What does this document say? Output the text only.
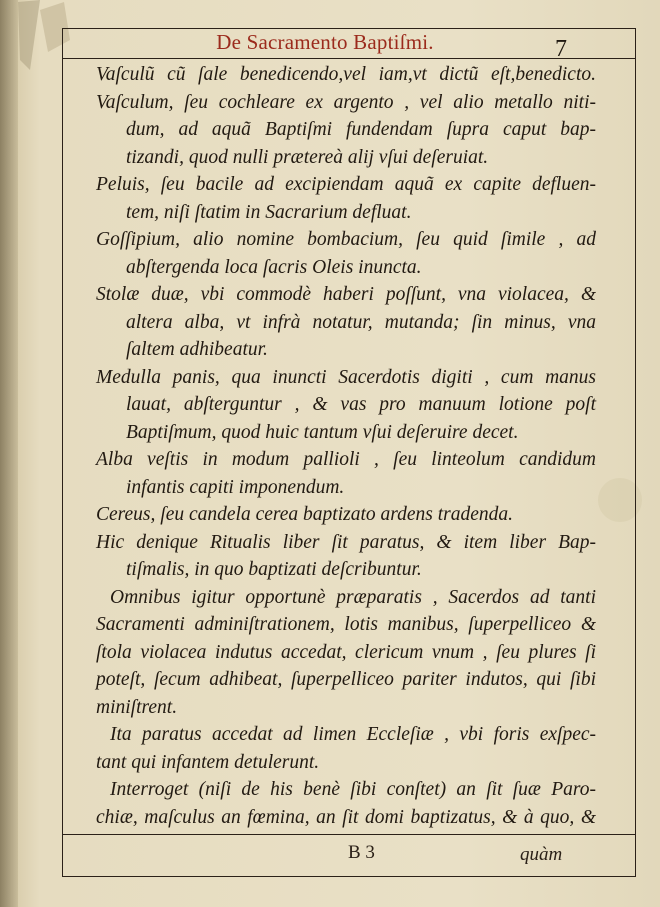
De Sacramento Baptiſmi.	7
Vaſculũ cũ ſale benedicendo,vel iam,vt dictũ eſt,benedicto.
Vaſculum, ſeu cochleare ex argento , vel alio metallo niti-
dum, ad aquã Baptiſmi fundendam ſupra caput bap-
tizandi, quod nulli prætereà alij vſui deſeruiat.
Peluis, ſeu bacile ad excipiendam aquã ex capite defluen-
tem, niſi ſtatim in Sacrarium defluat.
Goſſipium, alio nomine bombacium, ſeu quid ſimile , ad
abſtergenda loca ſacris Oleis inuncta.
Stolæ duæ, vbi commodè haberi poſſunt, vna violacea, &
altera alba, vt infrà notatur, mutanda; ſin minus, vna
ſaltem adhibeatur.
Medulla panis, qua inuncti Sacerdotis digiti , cum manus
lauat, abſterguntur , & vas pro manuum lotione poſt
Baptiſmum, quod huic tantum vſui deſeruire decet.
Alba veſtis in modum pallioli , ſeu linteolum candidum
infantis capiti imponendum.
Cereus, ſeu candela cerea baptizato ardens tradenda.
Hic denique Ritualis liber ſit paratus, & item liber Bap-
tiſmalis, in quo baptizati deſcribuntur.
Omnibus igitur opportunè præparatis , Sacerdos ad tanti
Sacramenti adminiſtrationem, lotis manibus, ſuperpelliceo &
ſtola violacea indutus accedat, clericum vnum , ſeu plures ſi
poteſt, ſecum adhibeat, ſuperpelliceo pariter indutos, qui ſibi
miniſtrent.
Ita paratus accedat ad limen Eccleſiæ , vbi foris exſpec-
tant qui infantem detulerunt.
Interroget (niſi de his benè ſibi conſtet) an ſit ſuæ Paro-
chiæ, maſculus an fœmina, an ſit domi baptizatus, & à quo, &
B 3	quàm
